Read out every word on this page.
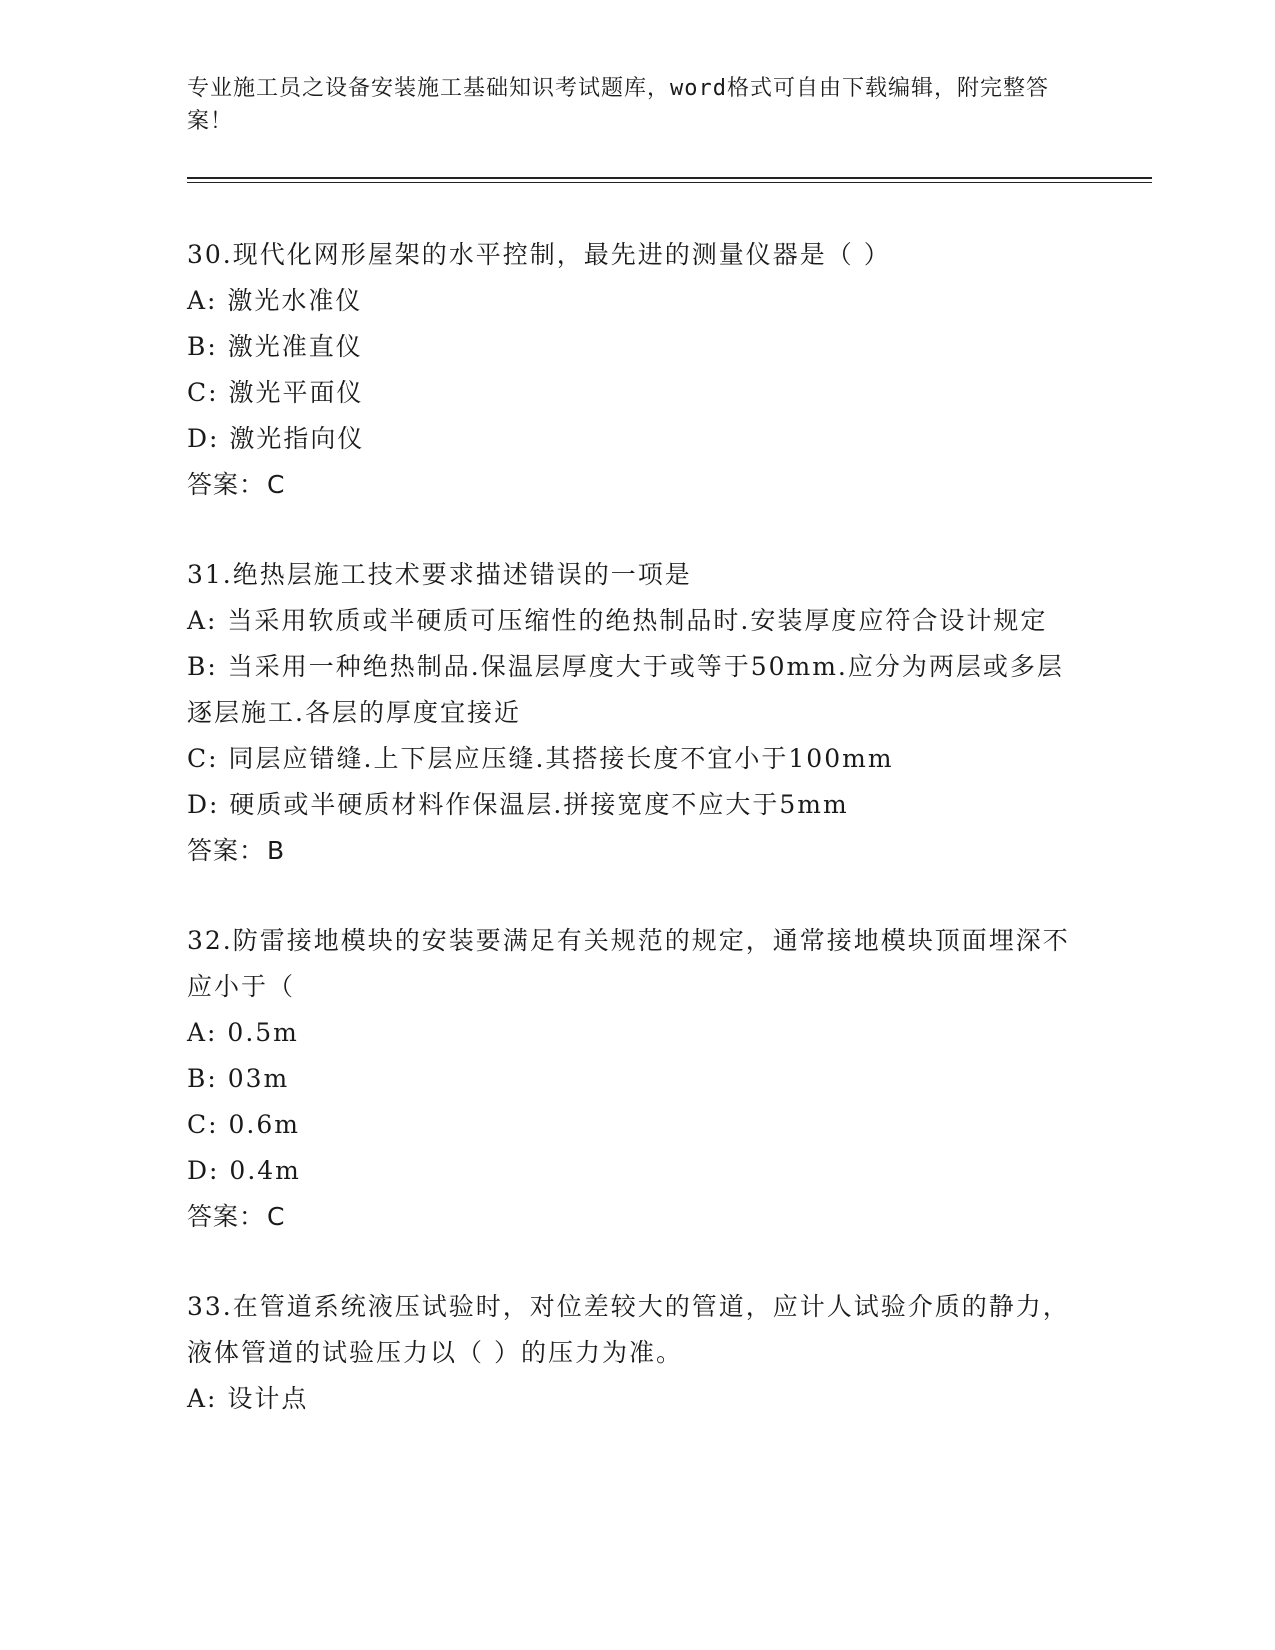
专业施工员之设备安装施工基础知识考试题库，word格式可自由下载编辑，附完整答案！

30.现代化网形屋架的水平控制，最先进的测量仪器是（ ）

A: 激光水准仪

B: 激光准直仪

C: 激光平面仪

D: 激光指向仪

答案：C

31.绝热层施工技术要求描述错误的一项是

A: 当采用软质或半硬质可压缩性的绝热制品时.安装厚度应符合设计规定

B: 当采用一种绝热制品.保温层厚度大于或等于50mm.应分为两层或多层逐层施工.各层的厚度宜接近

C: 同层应错缝.上下层应压缝.其搭接长度不宜小于100mm

D: 硬质或半硬质材料作保温层.拼接宽度不应大于5mm

答案：B

32.防雷接地模块的安装要满足有关规范的规定，通常接地模块顶面埋深不应小于（

A: 0.5m

B: 03m

C: 0.6m

D: 0.4m

答案：C

33.在管道系统液压试验时，对位差较大的管道，应计人试验介质的静力，液体管道的试验压力以（ ）的压力为准。

A: 设计点
